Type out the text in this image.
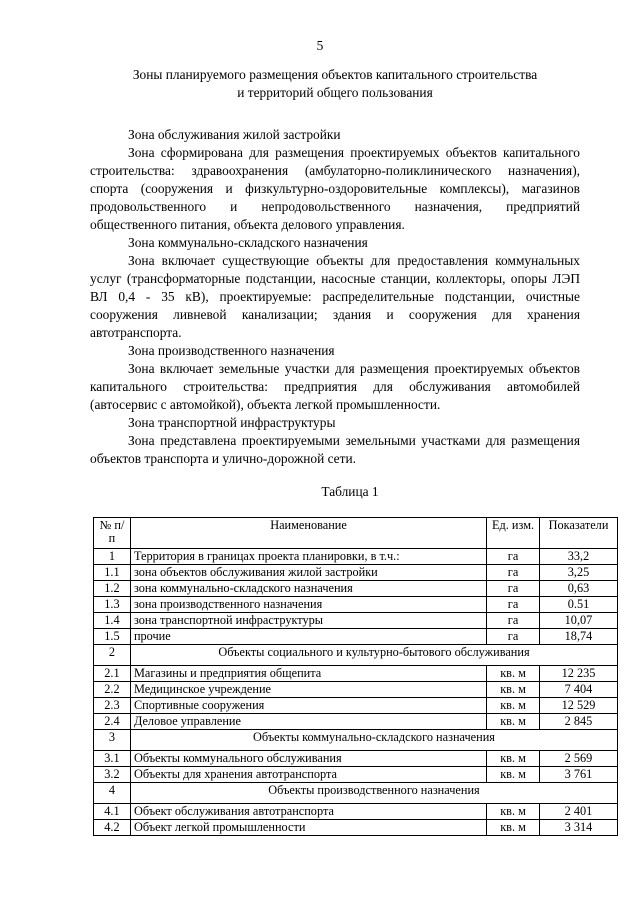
5
Зоны планируемого размещения объектов капитального строительства
и территорий общего пользования

Зона обслуживания жилой застройки

Зона сформирована для размещения проектируемых объектов капитального строительства: здравоохранения (амбулаторно-поликлинического назначения), спорта (сооружения и физкультурно-оздоровительные комплексы), магазинов продовольственного и непродовольственного назначения, предприятий общественного питания, объекта делового управления.

Зона коммунально-складского назначения

Зона включает существующие объекты для предоставления коммунальных услуг (трансформаторные подстанции, насосные станции, коллекторы, опоры ЛЭП ВЛ 0,4 - 35 кВ), проектируемые: распределительные подстанции, очистные сооружения ливневой канализации; здания и сооружения для хранения автотранспорта.

Зона производственного назначения

Зона включает земельные участки для размещения проектируемых объектов капитального строительства: предприятия для обслуживания автомобилей (автосервис с автомойкой), объекта легкой промышленности.

Зона транспортной инфраструктуры

Зона представлена проектируемыми земельными участками для размещения объектов транспорта и улично-дорожной сети.

Таблица 1
№ п/п	Наименование	Ед. изм.	Показатели
1	Территория в границах проекта планировки, в т.ч.:	га	33,2
1.1	зона объектов обслуживания жилой застройки	га	3,25
1.2	зона коммунально-складского назначения	га	0,63
1.3	зона производственного назначения	га	0.51
1.4	зона транспортной инфраструктуры	га	10,07
1.5	прочие	га	18,74
2	Объекты социального и культурно-бытового обслуживания		
2.1	Магазины и предприятия общепита	кв. м	12 235
2.2	Медицинское учреждение	кв. м	7 404
2.3	Спортивные сооружения	кв. м	12 529
2.4	Деловое управление	кв. м	2 845
3	Объекты коммунально-складского назначения		
3.1	Объекты коммунального обслуживания	кв. м	2 569
3.2	Объекты для хранения автотранспорта	кв. м	3 761
4	Объекты производственного назначения		
4.1	Объект обслуживания автотранспорта	кв. м	2 401
4.2	Объект легкой промышленности	кв. м	3 314
